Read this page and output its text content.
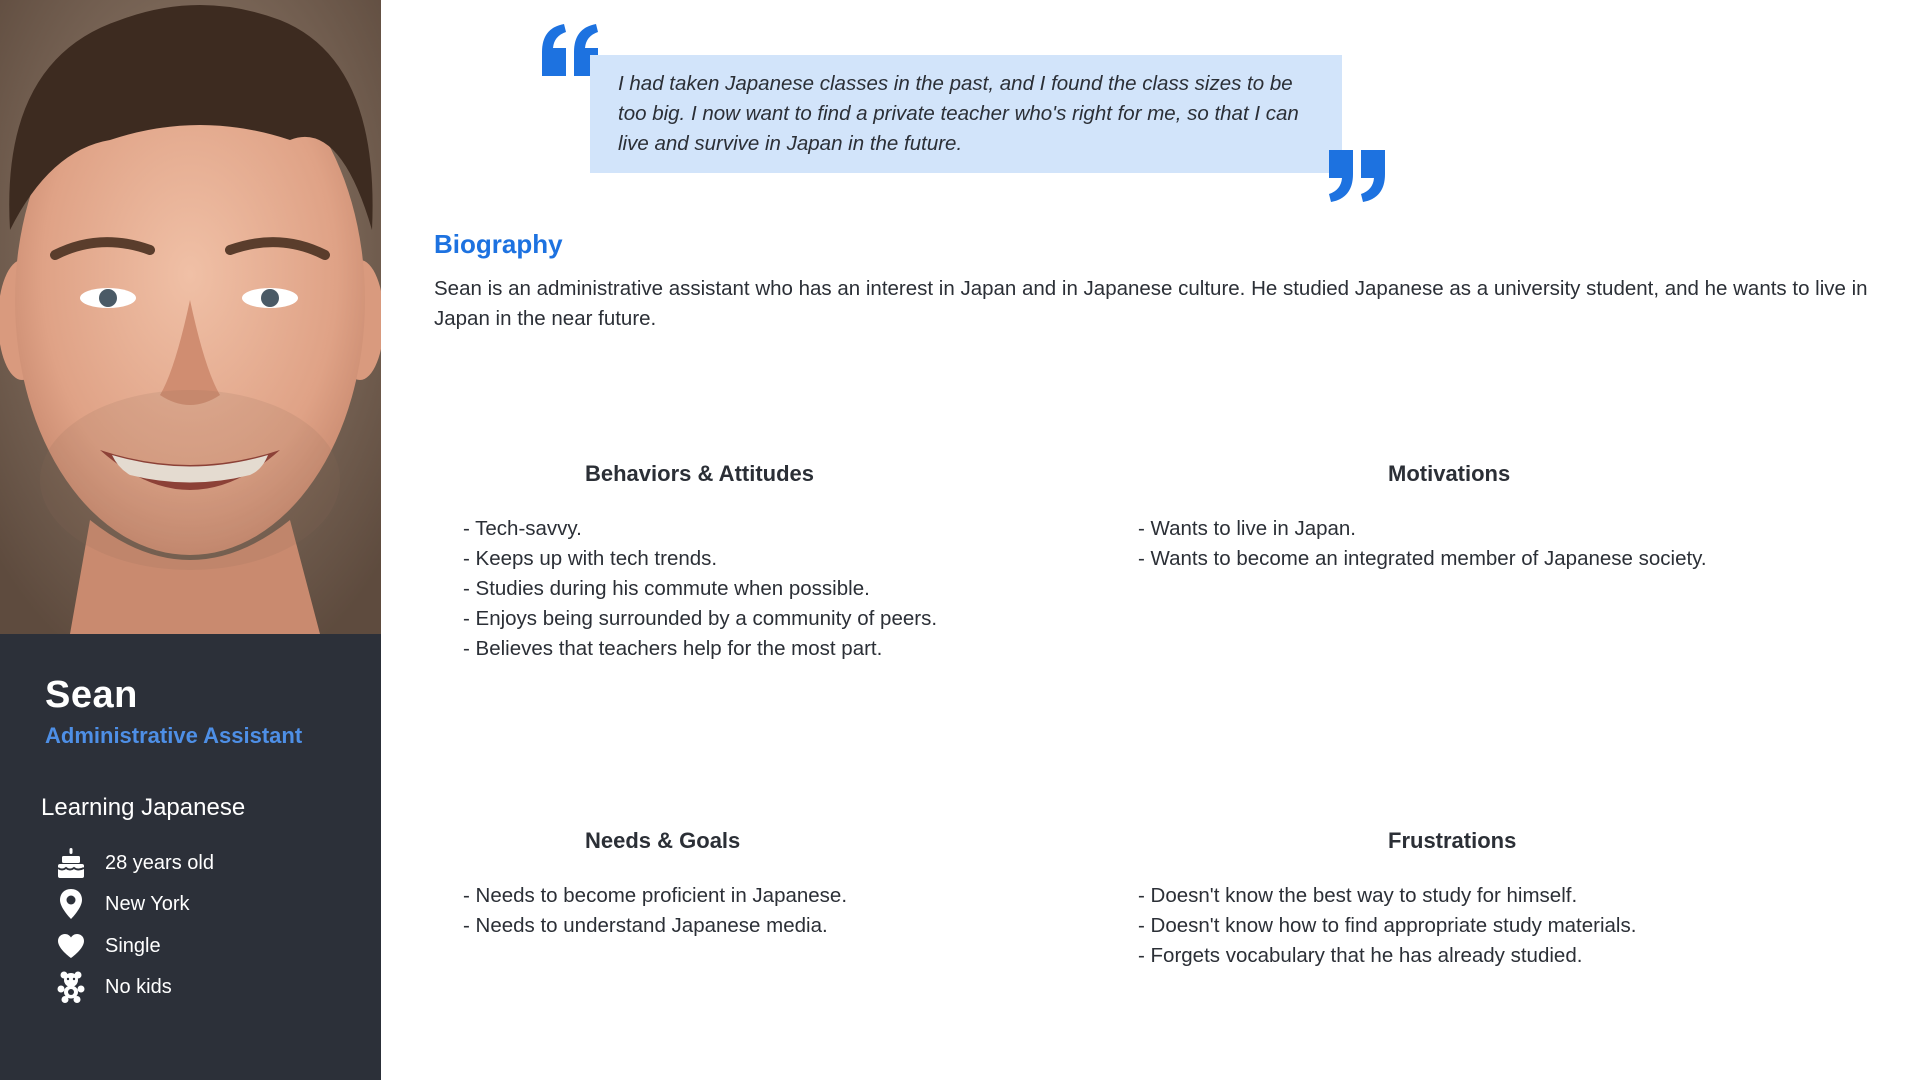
Sean
Administrative Assistant
Learning Japanese
28 years old
New York
Single
No kids
I had taken Japanese classes in the past, and I found the class sizes to be too big. I now want to find a private teacher who's right for me, so that I can live and survive in Japan in the future.
Biography
Sean is an administrative assistant who has an interest in Japan and in Japanese culture. He studied Japanese as a university student, and he wants to live in Japan in the near future.
Behaviors & Attitudes
- Tech-savvy.
- Keeps up with tech trends.
- Studies during his commute when possible.
- Enjoys being surrounded by a community of peers.
- Believes that teachers help for the most part.
Motivations
- Wants to live in Japan.
- Wants to become an integrated member of Japanese society.
Needs & Goals
- Needs to become proficient in Japanese.
- Needs to understand Japanese media.
Frustrations
- Doesn't know the best way to study for himself.
- Doesn't know how to find appropriate study materials.
- Forgets vocabulary that he has already studied.
